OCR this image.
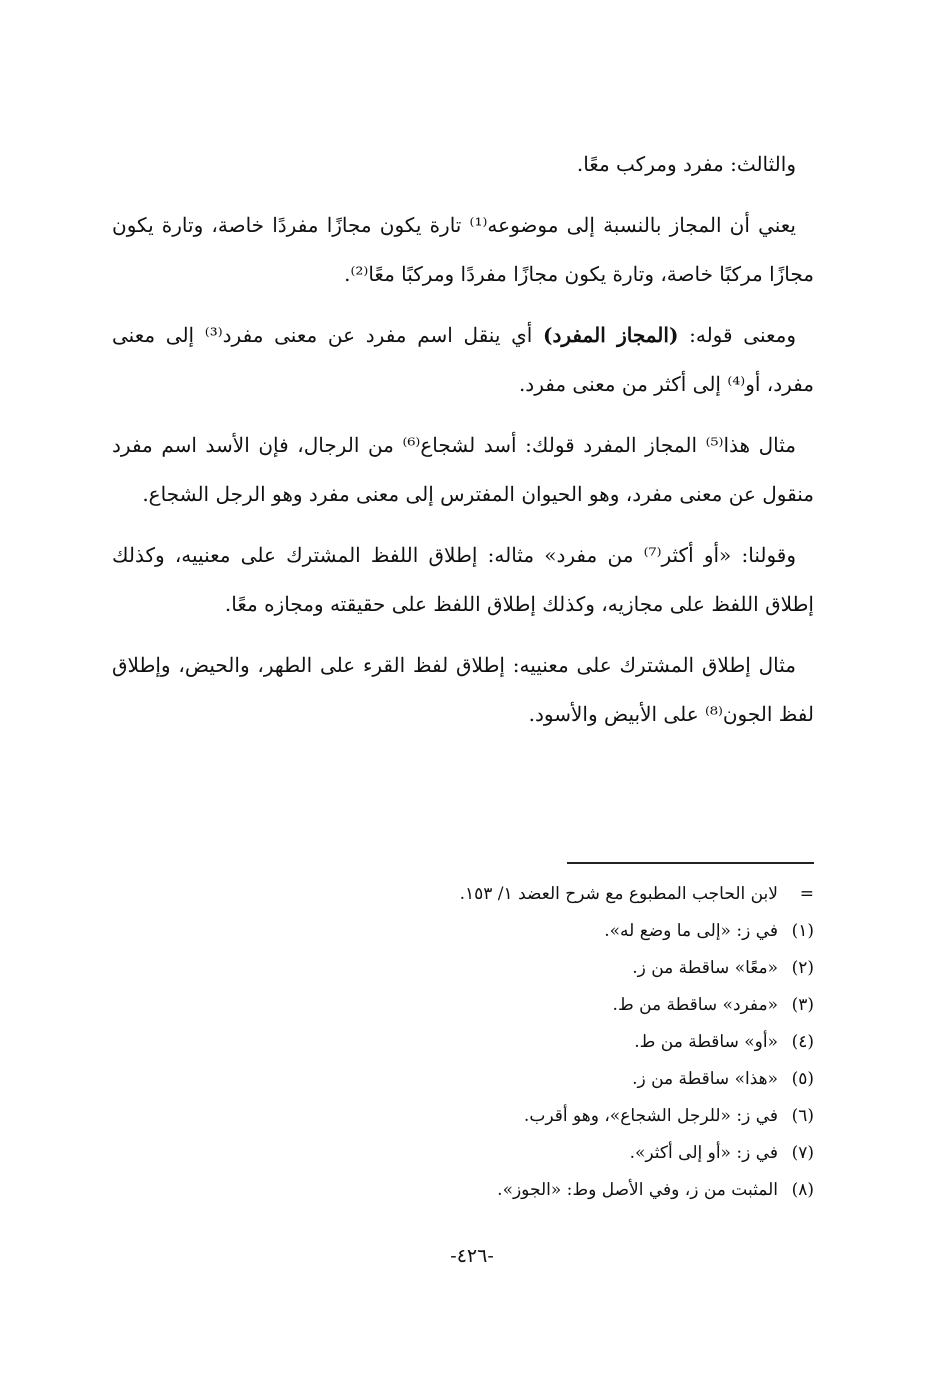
والثالث: مفرد ومركب معًا.

يعني أن المجاز بالنسبة إلى موضوعه⁽¹⁾ تارة يكون مجازًا مفردًا خاصة، وتارة يكون مجازًا مركبًا خاصة، وتارة يكون مجازًا مفردًا ومركبًا معًا⁽²⁾.

ومعنى قوله: (المجاز المفرد) أي ينقل اسم مفرد عن معنى مفرد⁽³⁾ إلى معنى مفرد، أو⁽⁴⁾ إلى أكثر من معنى مفرد.

مثال هذا⁽⁵⁾ المجاز المفرد قولك: أسد لشجاع⁽⁶⁾ من الرجال، فإن الأسد اسم مفرد منقول عن معنى مفرد، وهو الحيوان المفترس إلى معنى مفرد وهو الرجل الشجاع.

وقولنا: «أو أكثر⁽⁷⁾ من مفرد» مثاله: إطلاق اللفظ المشترك على معنييه، وكذلك إطلاق اللفظ على مجازيه، وكذلك إطلاق اللفظ على حقيقته ومجازه معًا.

مثال إطلاق المشترك على معنييه: إطلاق لفظ القرء على الطهر، والحيض، وإطلاق لفظ الجون⁽⁸⁾ على الأبيض والأسود.

=لابن الحاجب المطبوع مع شرح العضد ١/ ١٥٣.
(١)في ز: «إلى ما وضع له».
(٢)«معًا» ساقطة من ز.
(٣)«مفرد» ساقطة من ط.
(٤)«أو» ساقطة من ط.
(٥)«هذا» ساقطة من ز.
(٦)في ز: «للرجل الشجاع»، وهو أقرب.
(٧)في ز: «أو إلى أكثر».
(٨)المثبت من ز، وفي الأصل وط: «الجوز».
-٤٢٦-
